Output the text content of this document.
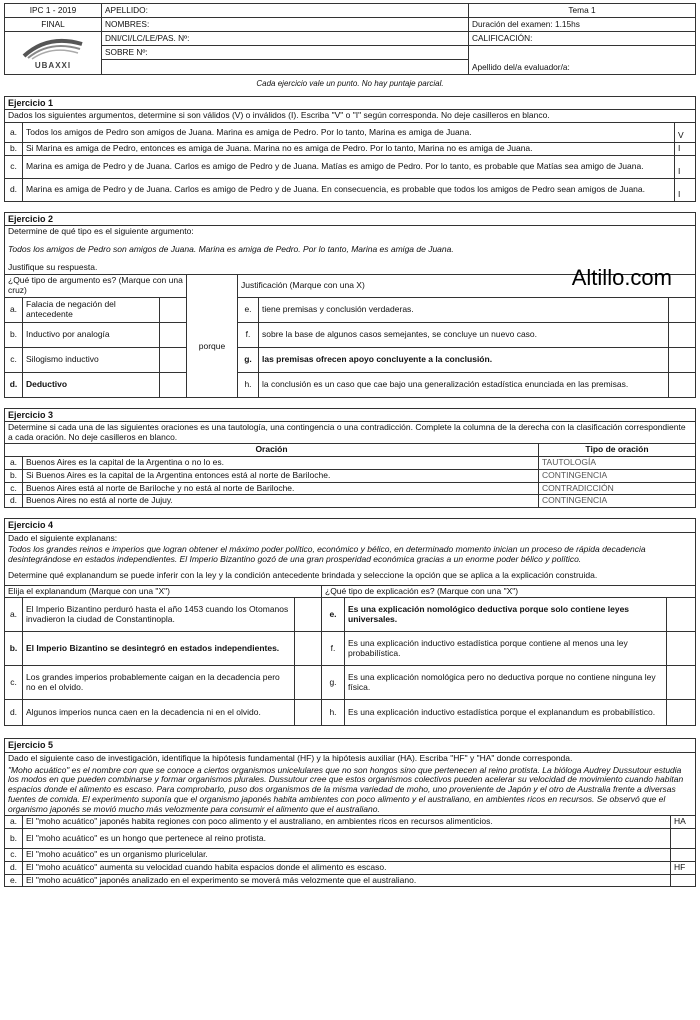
IPC 1 - 2019	APELLIDO:	Tema 1
FINAL	NOMBRES:	Duración del examen: 1.15hs

UBAXXI	DNI/CI/LC/LE/PAS. Nº:	CALIFICACIÓN:
	SOBRE Nº:	Apellido del/a evaluador/a:

Cada ejercicio vale un punto. No hay puntaje parcial.
Altillo.com
Ejercicio 1		
Dados los siguientes argumentos, determine si son válidos (V) o inválidos (I). Escriba "V" o "I" según corresponda. No deje casilleros en blanco.		
a.	Todos los amigos de Pedro son amigos de Juana. Marina es amiga de Pedro. Por lo tanto, Marina es amiga de Juana.	V
b.	Si Marina es amiga de Pedro, entonces es amiga de Juana. Marina no es amiga de Pedro. Por lo tanto, Marina no es amiga de Juana.	I
c.	Marina es amiga de Pedro y de Juana. Carlos es amigo de Pedro y de Juana. Matías es amigo de Pedro. Por lo tanto, es probable que Matías sea amigo de Juana.	I
d.	Marina es amiga de Pedro y de Juana. Carlos es amigo de Pedro y de Juana. En consecuencia, es probable que todos los amigos de Pedro sean amigos de Juana.	I
Ejercicio 2						
Determine de qué tipo es el siguiente argumento:						
Todos los amigos de Pedro son amigos de Juana. Marina es amiga de Pedro. Por lo tanto, Marina es amiga de Juana.						
Justifique su respuesta.						
¿Qué tipo de argumento es? (Marque con una cruz)				Justificación (Marque con una X)		
a.	Falacia de negación del antecedente		porque	e.	tiene premisas y conclusión verdaderas.	
b.	Inductivo por analogía			f.	sobre la base de algunos casos semejantes, se concluye un nuevo caso.	
c.	Silogismo inductivo			g.	las premisas ofrecen apoyo concluyente a la conclusión.	
d.	Deductivo			h.	la conclusión es un caso que cae bajo una generalización estadística enunciada en las premisas.	
Ejercicio 3		
Determine si cada una de las siguientes oraciones es una tautología, una contingencia o una contradicción. Complete la columna de la derecha con la clasificación correspondiente a cada oración. No deje casilleros en blanco.		
Oración		Tipo de oración
a.	Buenos Aires es la capital de la Argentina o no lo es.	TAUTOLOGÍA
b.	Si Buenos Aires es la capital de la Argentina entonces está al norte de Bariloche.	CONTINGENCIA
c.	Buenos Aires está al norte de Bariloche y no está al norte de Bariloche.	CONTRADICCIÓN
d.	Buenos Aires no está al norte de Jujuy.	CONTINGENCIA
Ejercicio 4					
Dado el siguiente explanans:					
Todos los grandes reinos e imperios que logran obtener el máximo poder político, económico y bélico, en determinado momento inician un proceso de rápida decadencia desintegrándose en estados independientes. El Imperio Bizantino gozó de una gran prosperidad económica gracias a un enorme poder bélico y político.					
Determine qué explanandum se puede inferir con la ley y la condición antecedente brindada y seleccione la opción que se aplica a la explicación construida.					
Elija el explanandum (Marque con una "X")			¿Qué tipo de explicación es? (Marque con una "X")		
a.	El Imperio Bizantino perduró hasta el año 1453 cuando los Otomanos invadieron la ciudad de Constantinopla.		e.	Es una explicación nomológico deductiva porque solo contiene leyes universales.	
b.	El Imperio Bizantino se desintegró en estados independientes.		f.	Es una explicación inductivo estadística porque contiene al menos una ley probabilística.	
c.	Los grandes imperios probablemente caigan en la decadencia pero no en el olvido.		g.	Es una explicación nomológica pero no deductiva porque no contiene ninguna ley física.	
d.	Algunos imperios nunca caen en la decadencia ni en el olvido.		h.	Es una explicación inductivo estadística porque el explanandum es probabilístico.	
Ejercicio 5		
Dado el siguiente caso de investigación, identifique la hipótesis fundamental (HF) y la hipótesis auxiliar (HA). Escriba "HF" y "HA" donde corresponda.		
"Moho acuático" es el nombre con que se conoce a ciertos organismos unicelulares que no son hongos sino que pertenecen al reino protista. La bióloga Audrey Dussutour estudia los modos en que pueden combinarse y formar organismos plurales. Dussutour cree que estos organismos colectivos pueden acelerar su velocidad de movimiento cuando habitan espacios donde el alimento es escaso. Para comprobarlo, puso dos organismos de la misma variedad de moho, uno proveniente de Japón y el otro de Australia frente a diversas fuentes de comida. El experimento suponía que el organismo japonés habita ambientes con poco alimento y el australiano, en ambientes ricos en recursos. Se observó que el organismo japonés se movió mucho más velozmente para consumir el alimento que el australiano.		
a.	El "moho acuático" japonés habita regiones con poco alimento y el australiano, en ambientes ricos en recursos alimenticios.	HA
b.	El "moho acuático" es un hongo que pertenece al reino protista.	
c.	El "moho acuático" es un organismo pluricelular.	
d.	El "moho acuático" aumenta su velocidad cuando habita espacios donde el alimento es escaso.	HF
e.	El "moho acuático" japonés analizado en el experimento se moverá más velozmente que el australiano.	
